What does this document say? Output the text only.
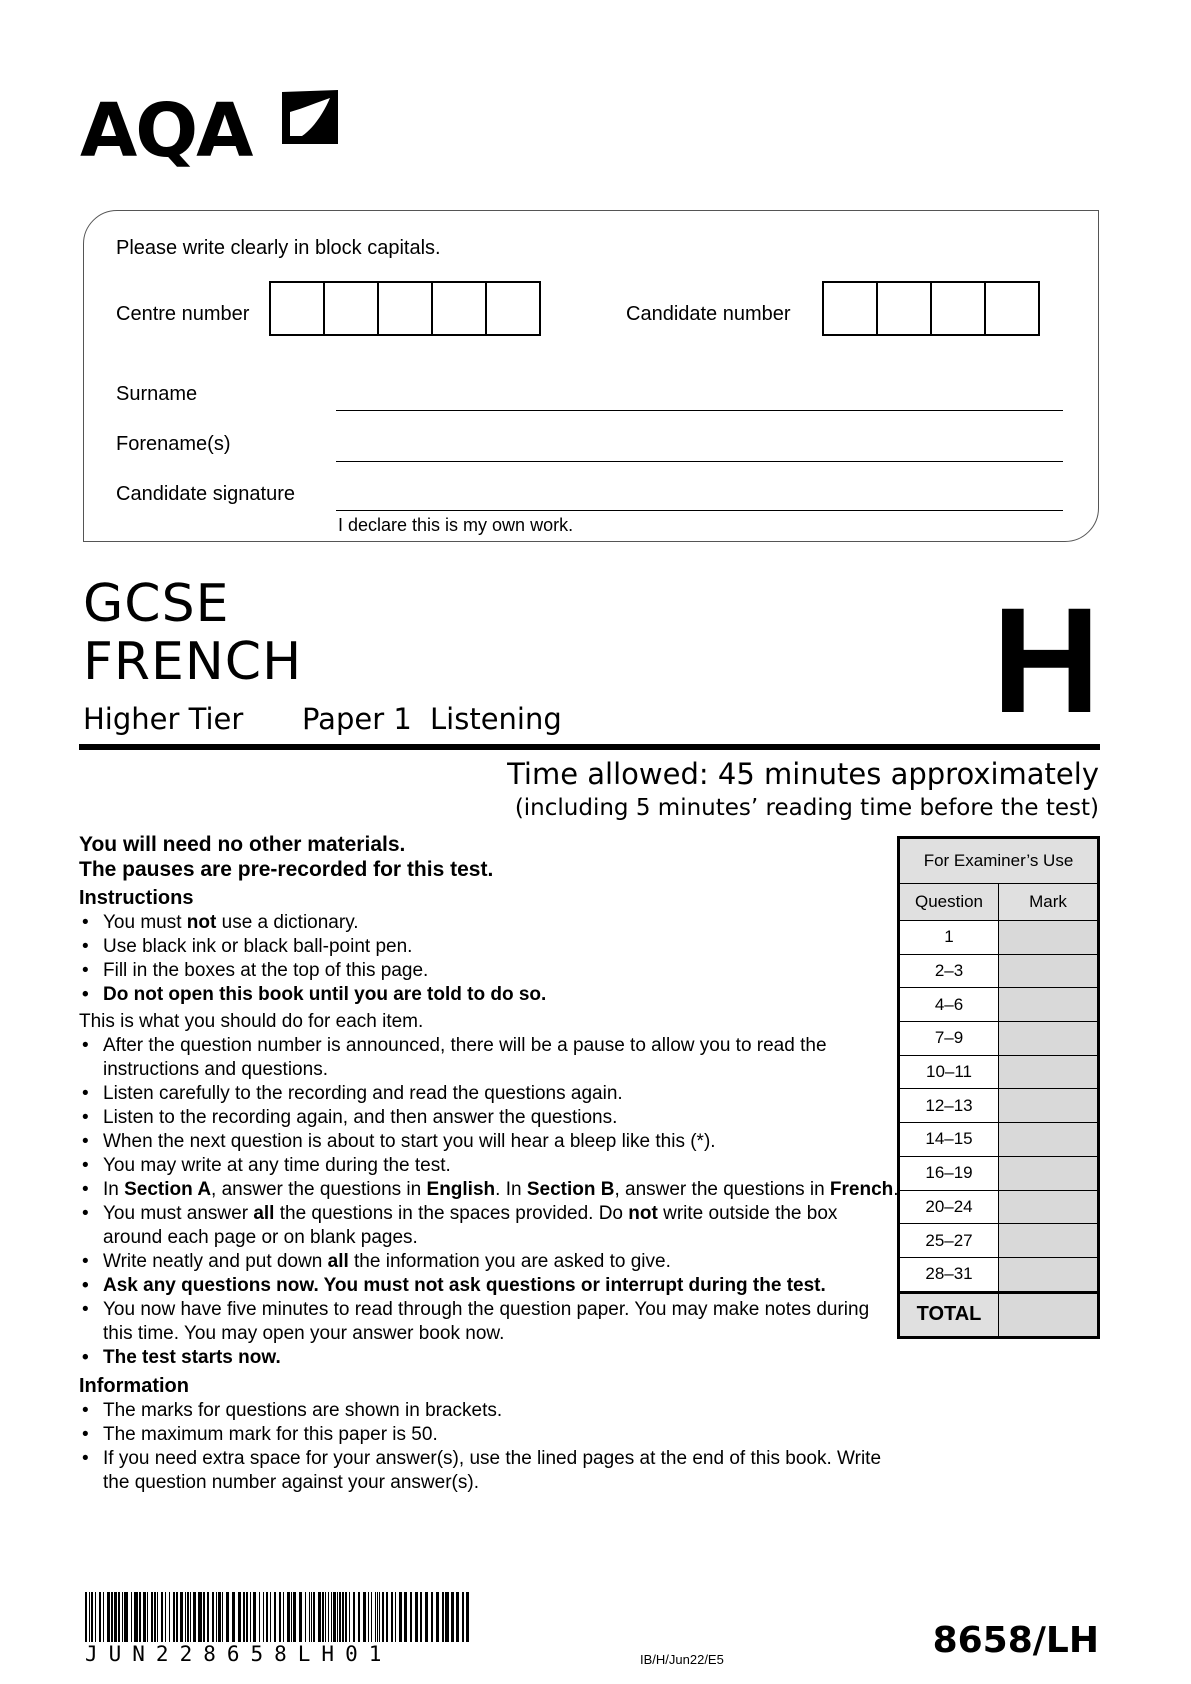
AQA
Please write clearly in block capitals.
Centre number	Candidate number
Surname
Forename(s)
Candidate signature
I declare this is my own work.
GCSE
FRENCH
Higher Tier Paper 1 Listening	H
Time allowed: 45 minutes approximately
(including 5 minutes’ reading time before the test)
You will need no other materials.
The pauses are pre-recorded for this test.
Instructions
• You must not use a dictionary.
• Use black ink or black ball-point pen.
• Fill in the boxes at the top of this page.
• Do not open this book until you are told to do so.

This is what you should do for each item.

• After the question number is announced, there will be a pause to allow you to read the instructions and questions.
• Listen carefully to the recording and read the questions again.
• Listen to the recording again, and then answer the questions.
• When the next question is about to start you will hear a bleep like this (*).
• You may write at any time during the test.
• In Section A, answer the questions in English. In Section B, answer the questions in French.
• You must answer all the questions in the spaces provided. Do not write outside the box around each page or on blank pages.
• Write neatly and put down all the information you are asked to give.
• Ask any questions now. You must not ask questions or interrupt during the test.
• You now have five minutes to read through the question paper. You may make notes during this time. You may open your answer book now.
• The test starts now.
Information
• The marks for questions are shown in brackets.
• The maximum mark for this paper is 50.
• If you need extra space for your answer(s), use the lined pages at the end of this book. Write the question number against your answer(s).
For Examiner’s Use	
Question	Mark
1	
2–3	
4–6	
7–9	
10–11	
12–13	
14–15	
16–19	
20–24	
25–27	
28–31	
TOTAL	
JUN228658LH01	IB/H/Jun22/E5	8658/LH
